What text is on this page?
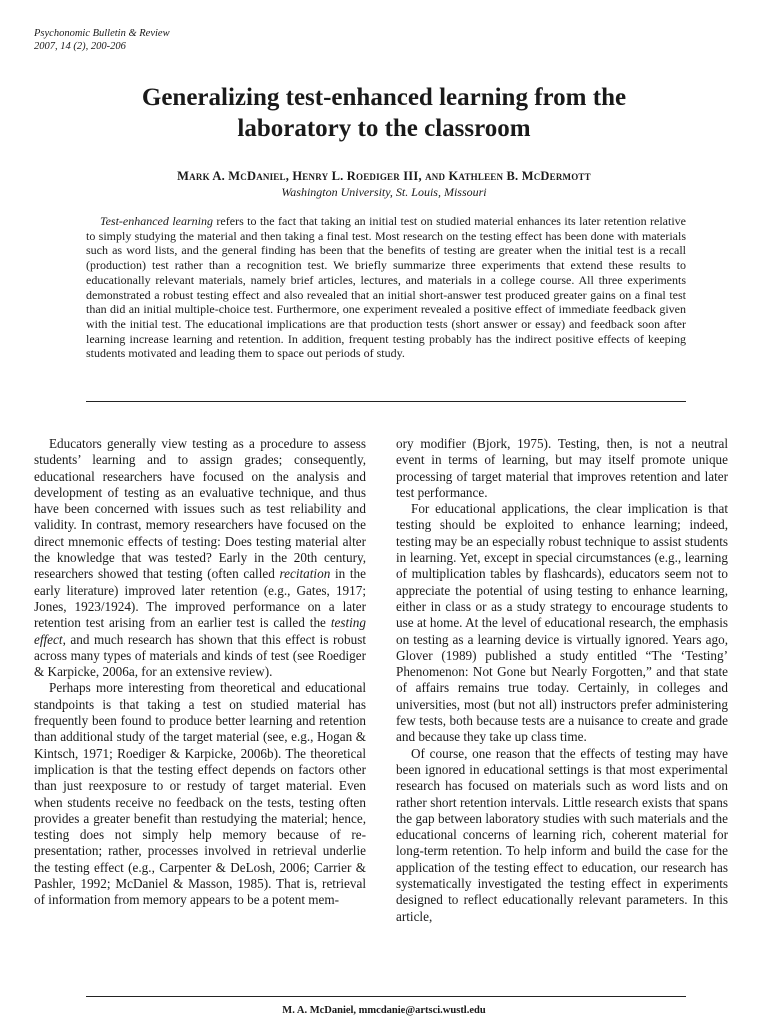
Psychonomic Bulletin & Review
2007, 14 (2), 200-206
Generalizing test-enhanced learning from the
laboratory to the classroom
Mark A. McDaniel, Henry L. Roediger III, and Kathleen B. McDermott
Washington University, St. Louis, Missouri

Test-enhanced learning refers to the fact that taking an initial test on studied material enhances its later retention relative to simply studying the material and then taking a final test. Most research on the testing effect has been done with materials such as word lists, and the general finding has been that the benefits of testing are greater when the initial test is a recall (production) test rather than a recognition test. We briefly summarize three experiments that extend these results to educationally relevant materials, namely brief articles, lectures, and materials in a college course. All three experiments demonstrated a robust testing effect and also revealed that an initial short-answer test produced greater gains on a final test than did an initial multiple-choice test. Furthermore, one experiment revealed a positive effect of immediate feedback given with the initial test. The educational implications are that production tests (short answer or essay) and feedback soon after learning increase learning and retention. In addition, frequent testing probably has the indirect positive effects of keeping students motivated and leading them to space out periods of study.

Educators generally view testing as a procedure to assess students’ learning and to assign grades; consequently, educational researchers have focused on the analysis and development of testing as an evaluative technique, and thus have been concerned with issues such as test reliability and validity. In contrast, memory researchers have focused on the direct mnemonic effects of testing: Does testing material alter the knowledge that was tested? Early in the 20th century, researchers showed that testing (often called recitation in the early literature) improved later retention (e.g., Gates, 1917; Jones, 1923/1924). The improved performance on a later retention test arising from an earlier test is called the testing effect, and much research has shown that this effect is robust across many types of materials and kinds of test (see Roediger & Karpicke, 2006a, for an extensive review).

Perhaps more interesting from theoretical and educational standpoints is that taking a test on studied material has frequently been found to produce better learning and retention than additional study of the target material (see, e.g., Hogan & Kintsch, 1971; Roediger & Karpicke, 2006b). The theoretical implication is that the testing effect depends on factors other than just reexposure to or restudy of target material. Even when students receive no feedback on the tests, testing often provides a greater benefit than restudying the material; hence, testing does not simply help memory because of re-presentation; rather, processes involved in retrieval underlie the testing effect (e.g., Carpenter & DeLosh, 2006; Carrier & Pashler, 1992; McDaniel & Masson, 1985). That is, retrieval of information from memory appears to be a potent mem-

ory modifier (Bjork, 1975). Testing, then, is not a neutral event in terms of learning, but may itself promote unique processing of target material that improves retention and later test performance.

For educational applications, the clear implication is that testing should be exploited to enhance learning; indeed, testing may be an especially robust technique to assist students in learning. Yet, except in special circumstances (e.g., learning of multiplication tables by flashcards), educators seem not to appreciate the potential of using testing to enhance learning, either in class or as a study strategy to encourage students to use at home. At the level of educational research, the emphasis on testing as a learning device is virtually ignored. Years ago, Glover (1989) published a study entitled “The ‘Testing’ Phenomenon: Not Gone but Nearly Forgotten,” and that state of affairs remains true today. Certainly, in colleges and universities, most (but not all) instructors prefer administering few tests, both because tests are a nuisance to create and grade and because they take up class time.

Of course, one reason that the effects of testing may have been ignored in educational settings is that most experimental research has focused on materials such as word lists and on rather short retention intervals. Little research exists that spans the gap between laboratory studies with such materials and the educational concerns of learning rich, coherent material for long-term retention. To help inform and build the case for the application of the testing effect to education, our research has systematically investigated the testing effect in experiments designed to reflect educationally relevant parameters. In this article,

M. A. McDaniel, mmcdanie@artsci.wustl.edu
